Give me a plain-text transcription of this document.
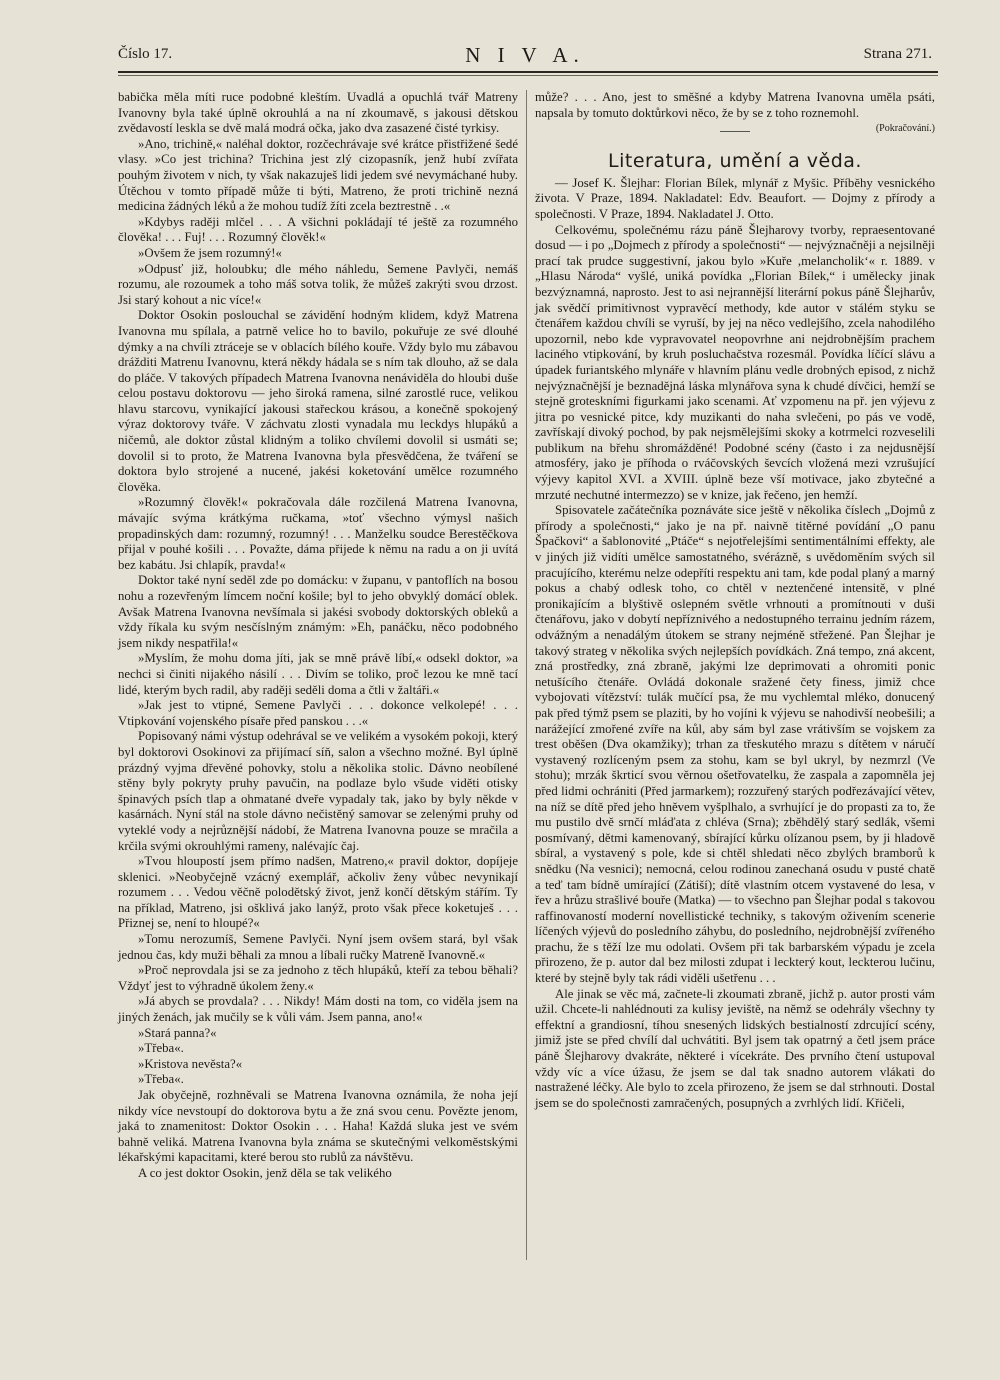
Číslo 17.	N I V A.	Strana 271.

babička měla míti ruce podobné kleštím. Uvadlá a opuchlá tvář Matreny Ivanovny byla také úplně okrouhlá a na ní zkoumavě, s jakousi dětskou zvědavostí leskla se dvě malá modrá očka, jako dva zasazené čisté tyrkisy.

»Ano, trichině,« naléhal doktor, rozčechrávaje své krátce přistřižené šedé vlasy. »Co jest trichina? Trichina jest zlý cizopasník, jenž hubí zvířata pouhým životem v nich, ty však nakazuješ lidi jedem své nevymáchané huby. Útěchou v tomto případě může ti býti, Matreno, že proti trichině nezná medicina žádných léků a že mohou tudíž žíti zcela beztrestně . .«

»Kdybys raději mlčel . . . A všichni pokládají té ještě za rozumného člověka! . . . Fuj! . . . Rozumný člověk!«

»Ovšem že jsem rozumný!«

»Odpusť již, holoubku; dle mého náhledu, Semene Pavlyči, nemáš rozumu, ale rozoumek a toho máš sotva tolik, že můžeš zakrýti svou drzost. Jsi starý kohout a nic více!«

Doktor Osokin poslouchal se závidění hodným klidem, když Matrena Ivanovna mu spílala, a patrně velice ho to bavilo, pokuřuje ze své dlouhé dýmky a na chvíli ztráceje se v oblacích bílého kouře. Vždy bylo mu zábavou drážditi Matrenu Ivanovnu, která někdy hádala se s ním tak dlouho, až se dala do pláče. V takových případech Matrena Ivanovna nenáviděla do hloubi duše celou postavu doktorovu — jeho široká ramena, silné zarostlé ruce, velikou hlavu starcovu, vynikající jakousi stařeckou krásou, a konečně spokojený výraz doktorovy tváře. V záchvatu zlosti vynadala mu leckdys hlupáků a ničemů, ale doktor zůstal klidným a toliko chvílemi dovolil si usmáti se; dovolil si to proto, že Matrena Ivanovna byla přesvědčena, že tváření se doktora bylo strojené a nucené, jakési koketování umělce rozumného člověka.

»Rozumný člověk!« pokračovala dále rozčilená Matrena Ivanovna, mávajíc svýma krátkýma ručkama, »toť všechno výmysl našich propadinských dam: rozumný, rozumný! . . . Manželku soudce Berestěčkova přijal v pouhé košili . . . Považte, dáma přijede k němu na radu a on ji uvítá bez kabátu. Jsi chlapík, pravda!«

Doktor také nyní seděl zde po domácku: v županu, v pantoflích na bosou nohu a rozevřeným límcem noční košile; byl to jeho obvyklý domácí oblek. Avšak Matrena Ivanovna nevšímala si jakési svobody doktorských obleků a vždy říkala ku svým nesčíslným známým: »Eh, panáčku, něco podobného jsem nikdy nespatřila!«

»Myslím, že mohu doma jíti, jak se mně právě líbí,« odsekl doktor, »a nechci si činiti nijakého násilí . . . Divím se tolikо, proč lezou ke mně tací lidé, kterým bych radil, aby raději seděli doma a čtli v žaltáři.«

»Jak jest to vtipné, Semene Pavlyči . . . dokonce velkolepé! . . . Vtipkování vojenského písaře před panskou . . .«

Popisovaný námi výstup odehrával se ve velikém a vysokém pokoji, který byl doktorovi Osokinovi za přijímací síň, salon a všechno možné. Byl úplně prázdný vyjma dřevěné pohovky, stolu a několika stolic. Dávno neobílené stěny byly pokryty pruhy pavučin, na podlaze bylo všude viděti otisky špinavých psích tlap a ohmatané dveře vypadaly tak, jako by byly někde v kasárnách. Nyní stál na stole dávno nečistěný samovar se zelenými pruhy od vyteklé vody a nejrůznější nádobí, že Matrena Ivanovna pouze se mračila a krčila svými okrouhlými rameny, nalévajíc čaj.

»Tvou hloupostí jsem přímo nadšen, Matreno,« pravil doktor, dopíjeje sklenici. »Neobyčejně vzácný exemplář, ačkoliv ženy vůbec nevynikají rozumem . . . Vedou věčně polodětský život, jenž končí dětským stářím. Ty na příklad, Matreno, jsi ošklivá jako lanýž, proto však přece koketuješ . . . Přiznej se, není to hloupé?«

»Tomu nerozumíš, Semene Pavlyči. Nyní jsem ovšem stará, byl však jednou čas, kdy muži běhali za mnou a líbali ručky Matreně Ivanovně.«

»Proč neprovdala jsi se za jednoho z těch hlupáků, kteří za tebou běhali? Vždyť jest to výhradně úkolem ženy.«

»Já abych se provdala? . . . Nikdy! Mám dosti na tom, co viděla jsem na jiných ženách, jak mučily se k vůli vám. Jsem panna, ano!«

»Stará panna?«

»Třeba«.

»Kristova nevěsta?«

»Třeba«.

Jak obyčejně, rozhněvali se Matrena Ivanovna oznámila, že noha její nikdy více nevstoupí do doktorova bytu a že zná svou cenu. Povězte jenom, jaká to znamenitost: Doktor Osokin . . . Haha! Každá sluka jest ve svém bahně veliká. Matrena Ivanovna byla známa se skutečnými velkoměstskými lékařskými kapacitami, které berou sto rublů za návštěvu.

A co jest doktor Osokin, jenž děla se tak velikého

může? . . . Ano, jest to směšné a kdyby Matrena Ivanovna uměla psáti, napsala by tomuto doktůrkovi něco, že by se z toho roznemohl.

(Pokračování.)

Literatura, umění a věda.

— Josef K. Šlejhar: Florian Bílek, mlynář z Myšic. Příběhy vesnického života. V Praze, 1894. Nakladatel: Edv. Beaufort. — Dojmy z přírody a společnosti. V Praze, 1894. Nakladatel J. Otto.

Celkovému, společnému rázu páně Šlejharovy tvorby, repraesentované dosud — i po „Dojmech z přírody a společnosti“ — nejvýznačněji a nejsilněji prací tak prudce suggestivní, jakou bylo »Kuře ,melancholik‘« r. 1889. v „Hlasu Národa“ vyšlé, uniká povídka „Florian Bílek,“ i umělecky jinak bezvýznamná, naprosto. Jest to asi nejrannější literární pokus páně Šlejharův, jak svědčí primitivnost vypravěcí methody, kde autor v stálém styku se čtenářem každou chvíli se vyruší, by jej na něco vedlejšího, zcela nahodilého upozornil, nebo kde vypravovatel neopovrhne ani nejdrobnějším prachem laciného vtipkování, by kruh posluchačstva rozesmál. Povídka líčící slávu a úpadek furiantského mlynáře v hlavním plánu vedle drobných episod, z nichž nejvýznačnější je beznadějná láska mlynářova syna k chudé dívčici, hemží se stejně groteskními figurkami jako scenami. Ať vzpomenu na př. jen výjevu z jitra po vesnické pitce, kdy muzikanti do naha svlečeni, po pás ve vodě, zavřískají divoký pochod, by pak nejsmělejšími skoky a kotrmelci rozveselili publikum na břehu shromážděné! Podobné scény (často i za nejdusnější atmosféry, jako je příhoda o rváčovských ševcích vložená mezi vzrušující výjevy kapitol XVI. a XVIII. úplně beze vší motivace, jako zbytečné a mrzuté nechutné intermezzo) se v knize, jak řečeno, jen hemží.

Spisovatele začátečníka poznáváte sice ještě v několika číslech „Dojmů z přírody a společnosti,“ jako je na př. naivně titěrné povídání „O panu Špačkovi“ a šablonovité „Ptáče“ s nejotřelejšími sentimentálními effekty, ale v jiných již vidíti umělce samostatného, svérázně, s uvědoměním svých sil pracujícího, kterému nelze odepříti respektu ani tam, kde podal planý a marný pokus a chabý odlesk toho, co chtěl v neztenčené intensitě, v plné pronikajícím a blyštivě oslepném světle vrhnouti a promítnouti v duši čtenářovu, jako v dobytí nepříznivého a nedostupného terrainu jedním rázem, odvážným a nenadálým útokem se strany nejméně střežené. Pan Šlejhar je takový strateg v několika svých nejlepších povídkách. Zná tempo, zná akcent, zná prostředky, zná zbraně, jakými lze deprimovati a ohromiti ponic netušícího čtenáře. Ovládá dokonale sražené čety finess, jimiž chce vybojovati vítězství: tulák mučící psa, že mu vychlemtal mléko, donucený pak před týmž psem se plaziti, by ho vojíni k výjevu se nahodivší neobešili; a narážející zmořené zvíře na kůl, aby sám byl zase vrátivším se vojskem za trest oběšen (Dva okamžiky); trhan za třeskutého mrazu s dítětem v náručí vystavený rozlíceným psem za stohu, kam se byl ukryl, by nezmrzl (Ve stohu); mrzák škrticí svou věrnou ošetřovatelku, že zaspala a zapomněla jej před lidmi ochrániti (Před jarmarkem); rozzuřený starých podřezávající větev, na níž se dítě před jeho hněvem vyšplhalo, a svrhující je do propasti za to, že mu pustilo dvě srnčí mláďata z chléva (Srna); zběhdělý starý sedlák, všemi posmívaný, dětmi kamenovaný, sbírající kůrku olízanou psem, by ji hladově sbíral, a vystavený s pole, kde si chtěl shledati něco zbylých bramborů k snědku (Na vesnici); nemocná, celou rodinou zanechaná osudu v pusté chatě a teď tam bídně umírající (Zátiší); dítě vlastním otcem vystavené do lesa, v řev a hrůzu strašlivé bouře (Matka) — to všechno pan Šlejhar podal s takovou raffinovaností moderní novellistické techniky, s takovým oživením scenerie líčených výjevů do posledního záhybu, do posledního, nejdrobnější zvířeného prachu, že s těží lze mu odolati. Ovšem při tak barbarském výpadu je zcela přirozeno, že p. autor dal bez milosti zdupat i leckterý kout, leckterou lučinu, které by stejně byly tak rádi viděli ušetřenu . . .

Ale jinak se věc má, začnete-li zkoumati zbraně, jichž p. autor prosti vám užil. Chcete-li nahlédnouti za kulisy jeviště, na němž se odehrály všechny ty effektní a grandiosní, tíhou snesených lidských bestialností zdrcující scény, jimiž jste se před chvílí dal uchvátiti. Byl jsem tak opatrný a četl jsem práce páně Šlejharovy dvakráte, některé i vícekráte. Des prvního čtení ustupoval vždy víc a více úžasu, že jsem se dal tak snadno autorem vlákati do nastražené léčky. Ale bylo to zcela přirozeno, že jsem se dal strhnouti. Dostal jsem se do společnosti zamračených, posupných a zvrhlých lidí. Křičeli,
